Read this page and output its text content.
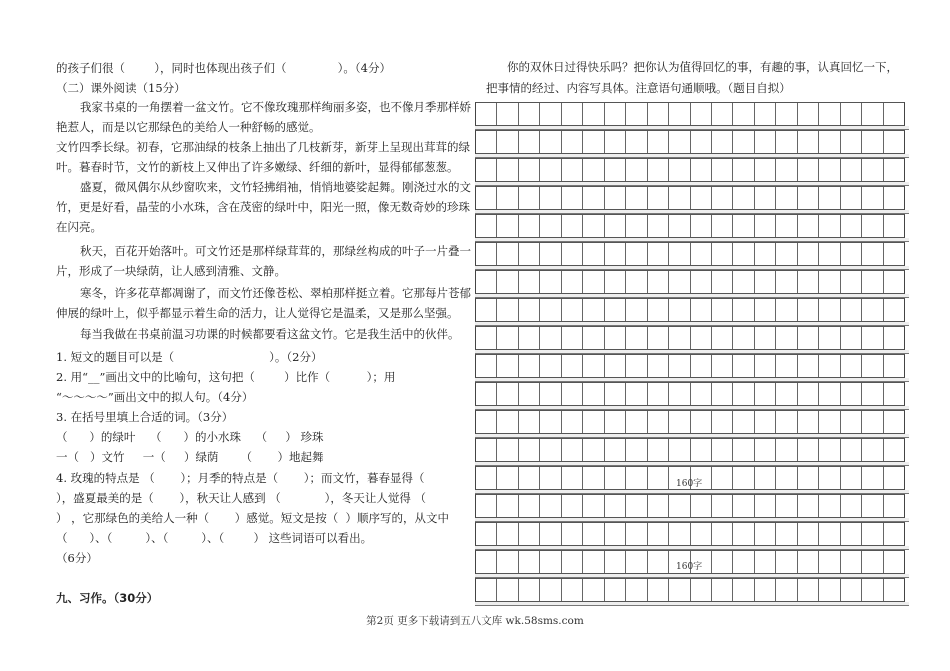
的孩子们很（        ），同时也体现出孩子们（              ）。（4分）
（二）课外阅读（15分）
我家书桌的一角摆着一盆文竹。它不像玫瑰那样绚丽多姿，也不像月季那样娇
艳惹人，而是以它那绿色的美给人一种舒畅的感觉。
文竹四季长绿。初春，它那油绿的枝条上抽出了几枝新芽，新芽上呈现出茸茸的绿
叶。暮春时节，文竹的新枝上又伸出了许多嫩绿、纤细的新叶，显得郁郁葱葱。
盛夏，微风偶尔从纱窗吹来，文竹轻拂绢袖，悄悄地婆娑起舞。刚浇过水的文
竹，更是好看，晶莹的小水珠，含在茂密的绿叶中，阳光一照，像无数奇妙的珍珠
在闪亮。
秋天，百花开始落叶。可文竹还是那样绿茸茸的，那绿丝构成的叶子一片叠一
片，形成了一块绿荫，让人感到清雅、文静。
寒冬，许多花草都凋谢了，而文竹还像苍松、翠柏那样挺立着。它那每片苍郁
伸展的绿叶上，似乎都显示着生命的活力，让人觉得它是温柔，又是那么坚强。
每当我做在书桌前温习功课的时候都要看这盆文竹。它是我生活中的伙伴。
1. 短文的题目可以是（                          ）。（2分）
2. 用“__”画出文中的比喻句，这句把（        ）比作（          ）；用
“～～～～”画出文中的拟人句。（4分）
3. 在括号里填上合适的词。（3分）
（      ）的绿叶    （      ）的小水珠    （     ） 珍珠
一（   ）文竹     一（     ）绿荫      （       ）地起舞
4. 玫瑰的特点是 （       ）；月季的特点是（       ）；而文竹，暮春显得（
），盛夏最美的是（       ），秋天让人感到 （            ），冬天让人觉得 （
） ，它那绿色的美给人一种（       ）感觉。短文是按（  ）顺序写的，从文中
（      ）、（         ）、（         ）、（        ） 这些词语可以看出。
（6分）
九、习作。（30分）
你的双休日过得快乐吗？把你认为值得回忆的事，有趣的事，认真回忆一下，
把事情的经过、内容写具体。注意语句通顺哦。（题目自拟）
160字
160字
第2页 更多下载请到五八文库 wk.58sms.com
